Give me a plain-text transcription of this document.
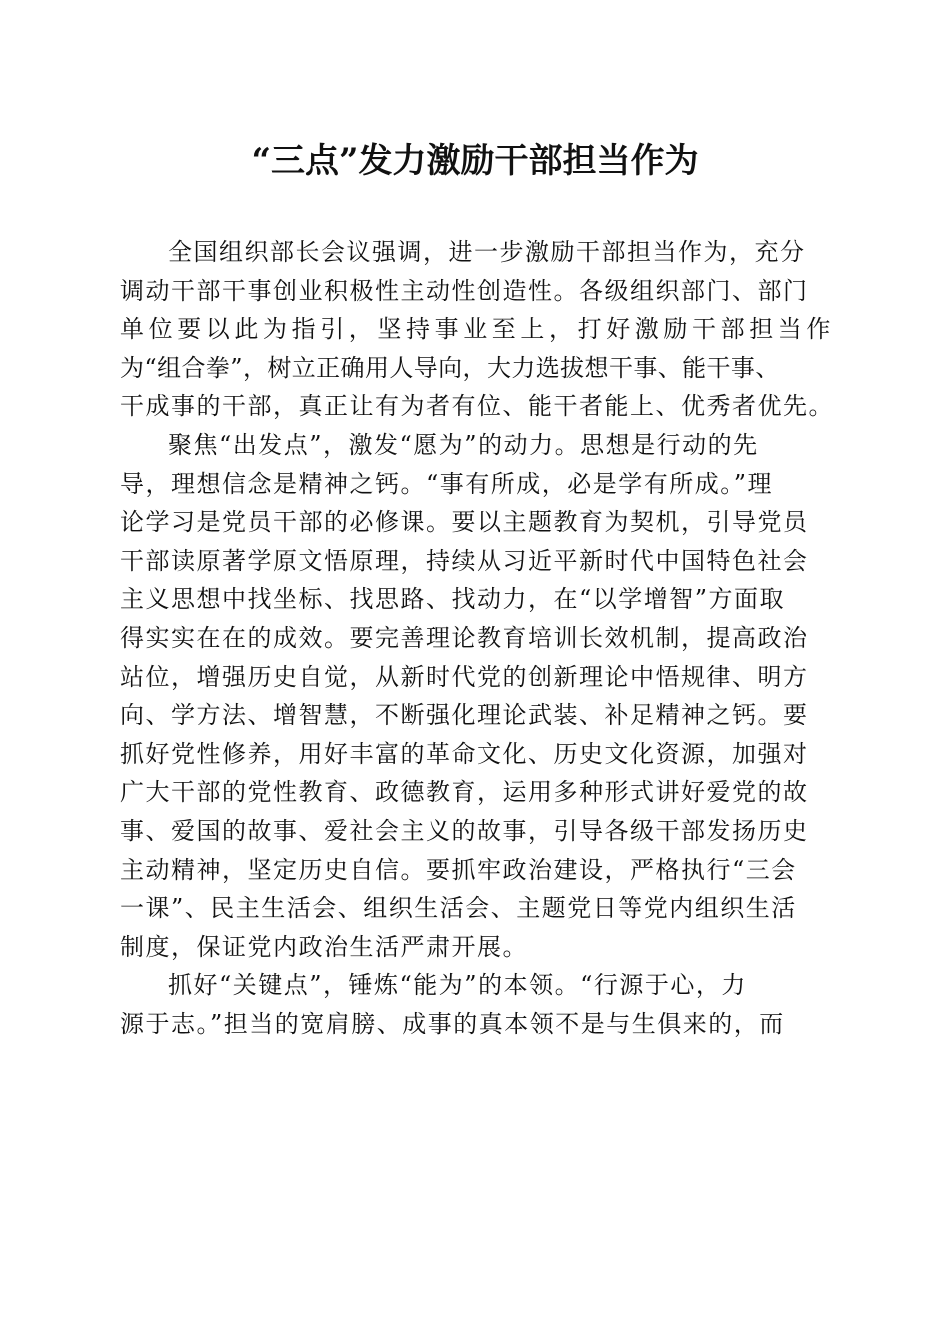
“三点”发力激励干部担当作为
全国组织部长会议强调，进一步激励干部担当作为，充分
调动干部干事创业积极性主动性创造性。各级组织部门、部门
单位要以此为指引，坚持事业至上，打好激励干部担当作
为“组合拳”，树立正确用人导向，大力选拔想干事、能干事、
干成事的干部，真正让有为者有位、能干者能上、优秀者优先。
聚焦“出发点”，激发“愿为”的动力。思想是行动的先
导，理想信念是精神之钙。“事有所成，必是学有所成。”理
论学习是党员干部的必修课。要以主题教育为契机，引导党员
干部读原著学原文悟原理，持续从习近平新时代中国特色社会
主义思想中找坐标、找思路、找动力，在“以学增智”方面取
得实实在在的成效。要完善理论教育培训长效机制，提高政治
站位，增强历史自觉，从新时代党的创新理论中悟规律、明方
向、学方法、增智慧，不断强化理论武装、补足精神之钙。要
抓好党性修养，用好丰富的革命文化、历史文化资源，加强对
广大干部的党性教育、政德教育，运用多种形式讲好爱党的故
事、爱国的故事、爱社会主义的故事，引导各级干部发扬历史
主动精神，坚定历史自信。要抓牢政治建设，严格执行“三会
一课”、民主生活会、组织生活会、主题党日等党内组织生活
制度，保证党内政治生活严肃开展。
抓好“关键点”，锤炼“能为”的本领。“行源于心，力
源于志。”担当的宽肩膀、成事的真本领不是与生俱来的，而
